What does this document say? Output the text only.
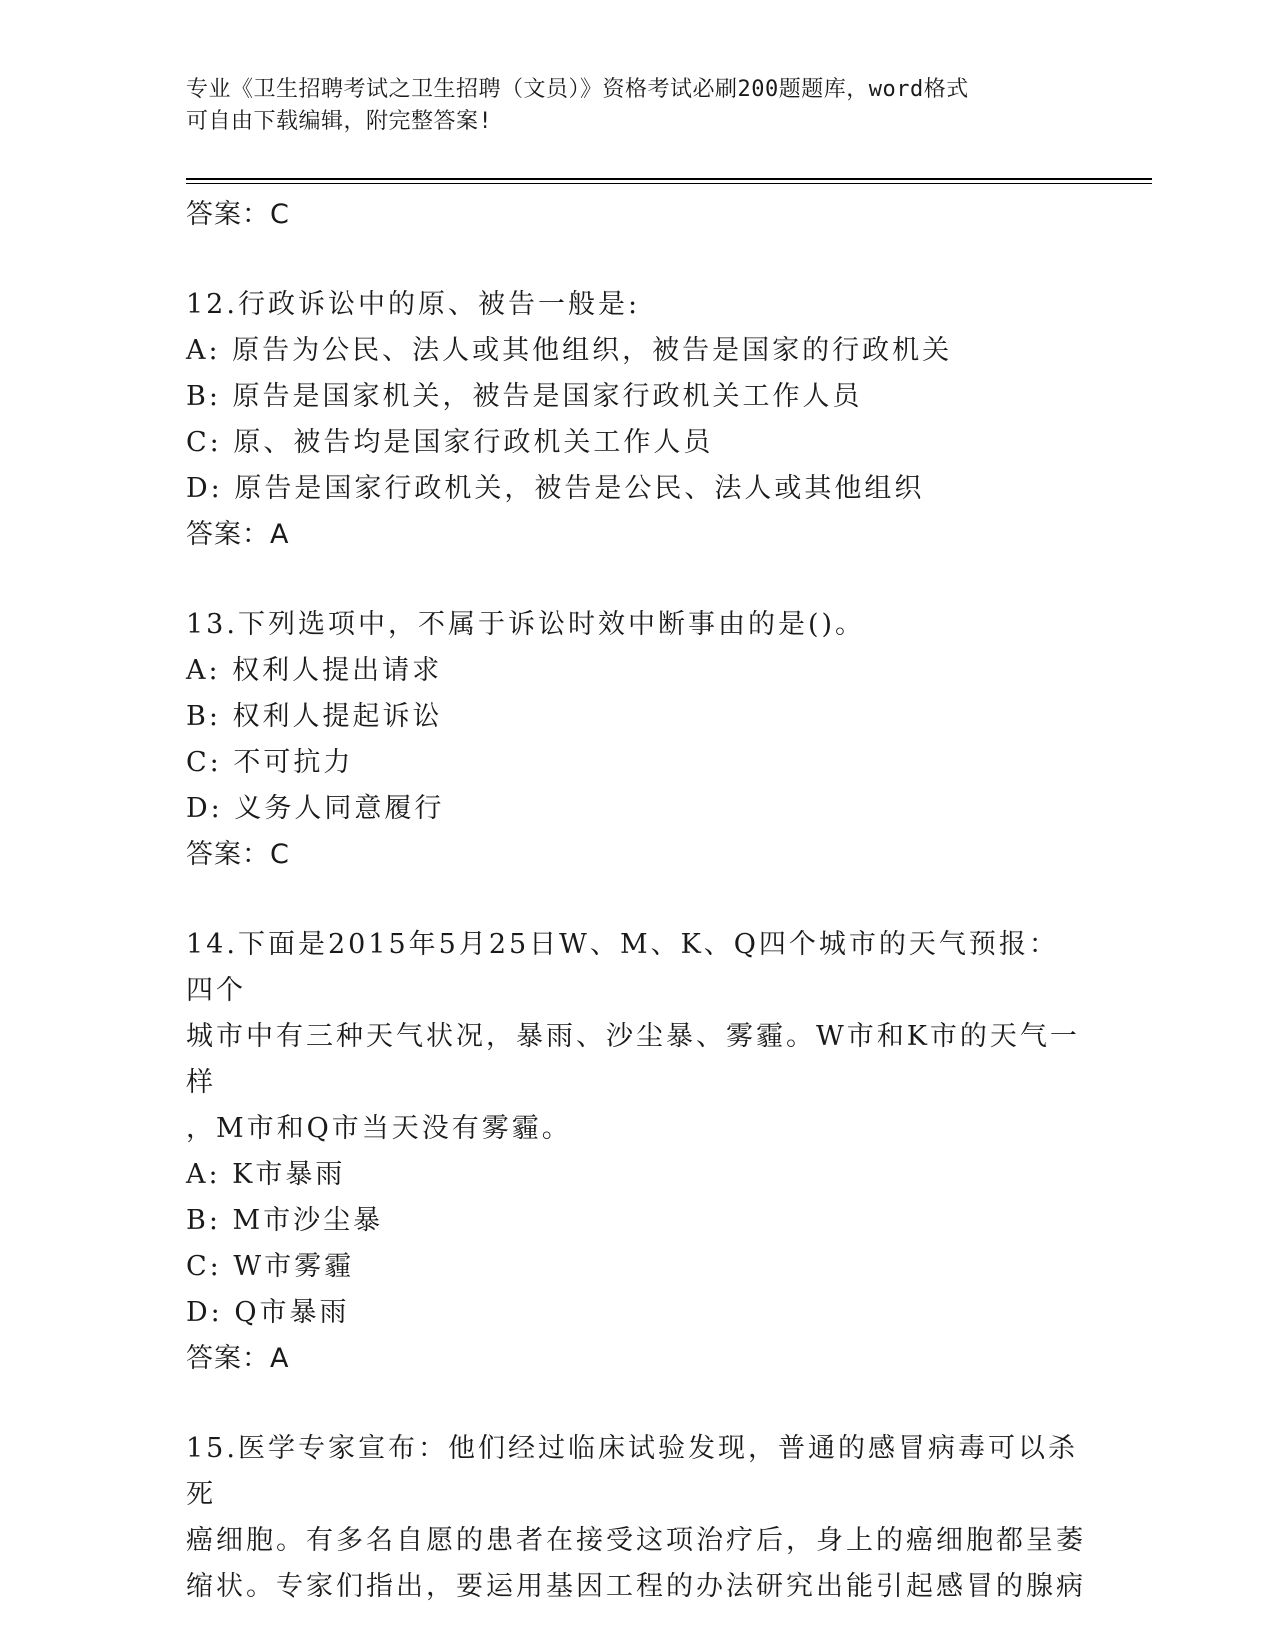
专业《卫生招聘考试之卫生招聘（文员）》资格考试必刷200题题库，word格式
可自由下载编辑，附完整答案!
答案：C
12.行政诉讼中的原、被告一般是:
A: 原告为公民、法人或其他组织，被告是国家的行政机关
B: 原告是国家机关，被告是国家行政机关工作人员
C: 原、被告均是国家行政机关工作人员
D: 原告是国家行政机关，被告是公民、法人或其他组织
答案：A
13.下列选项中，不属于诉讼时效中断事由的是()。
A: 权利人提出请求
B: 权利人提起诉讼
C: 不可抗力
D: 义务人同意履行
答案：C
14.下面是2015年5月25日W、M、K、Q四个城市的天气预报：四个
城市中有三种天气状况，暴雨、沙尘暴、雾霾。W市和K市的天气一样
，M市和Q市当天没有雾霾。
A: K市暴雨
B: M市沙尘暴
C: W市雾霾
D: Q市暴雨
答案：A
15.医学专家宣布：他们经过临床试验发现，普通的感冒病毒可以杀死
癌细胞。有多名自愿的患者在接受这项治疗后，身上的癌细胞都呈萎
缩状。专家们指出，要运用基因工程的办法研究出能引起感冒的腺病
